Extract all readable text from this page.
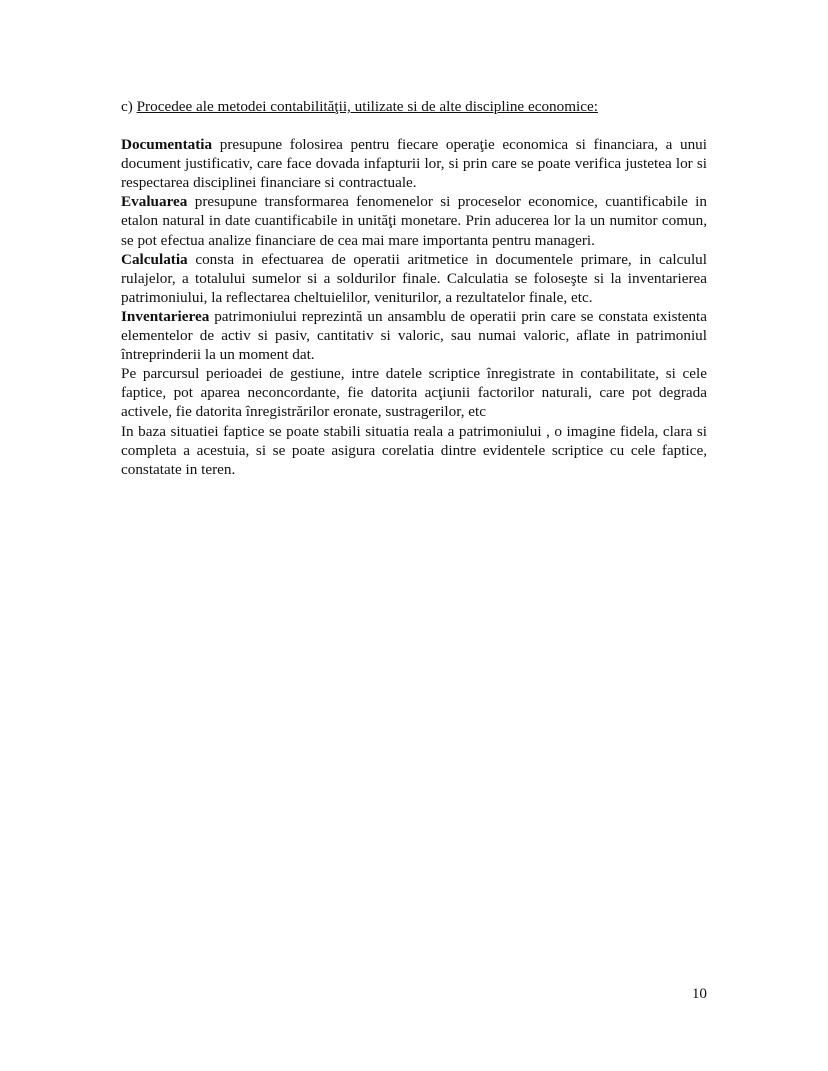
c) Procedee ale metodei contabilităţii, utilizate si de alte discipline economice:

Documentatia presupune folosirea pentru fiecare operaţie economica si financiara, a unui document justificativ, care face dovada infapturii lor, si prin care se poate verifica justetea lor si respectarea disciplinei financiare si contractuale.

Evaluarea presupune transformarea fenomenelor si proceselor economice, cuantificabile in etalon natural in date cuantificabile in unităţi monetare. Prin aducerea lor la un numitor comun, se pot efectua analize financiare de cea mai mare importanta pentru manageri.

Calculatia consta in efectuarea de operatii aritmetice in documentele primare, in calculul rulajelor, a totalului sumelor si a soldurilor finale. Calculatia se foloseşte si la inventarierea patrimoniului, la reflectarea cheltuielilor, veniturilor, a rezultatelor finale, etc.

Inventarierea patrimoniului reprezintă un ansamblu de operatii prin care se constata existenta elementelor de activ si pasiv, cantitativ si valoric, sau numai valoric, aflate in patrimoniul întreprinderii la un moment dat.

Pe parcursul perioadei de gestiune, intre datele scriptice înregistrate in contabilitate, si cele faptice, pot aparea neconcordante, fie datorita acţiunii factorilor naturali, care pot degrada activele, fie datorita înregistrărilor eronate, sustragerilor, etc

In baza situatiei faptice se poate stabili situatia reala a patrimoniului , o imagine fidela, clara si completa a acestuia, si se poate asigura corelatia dintre evidentele scriptice cu cele faptice, constatate in teren.

10
